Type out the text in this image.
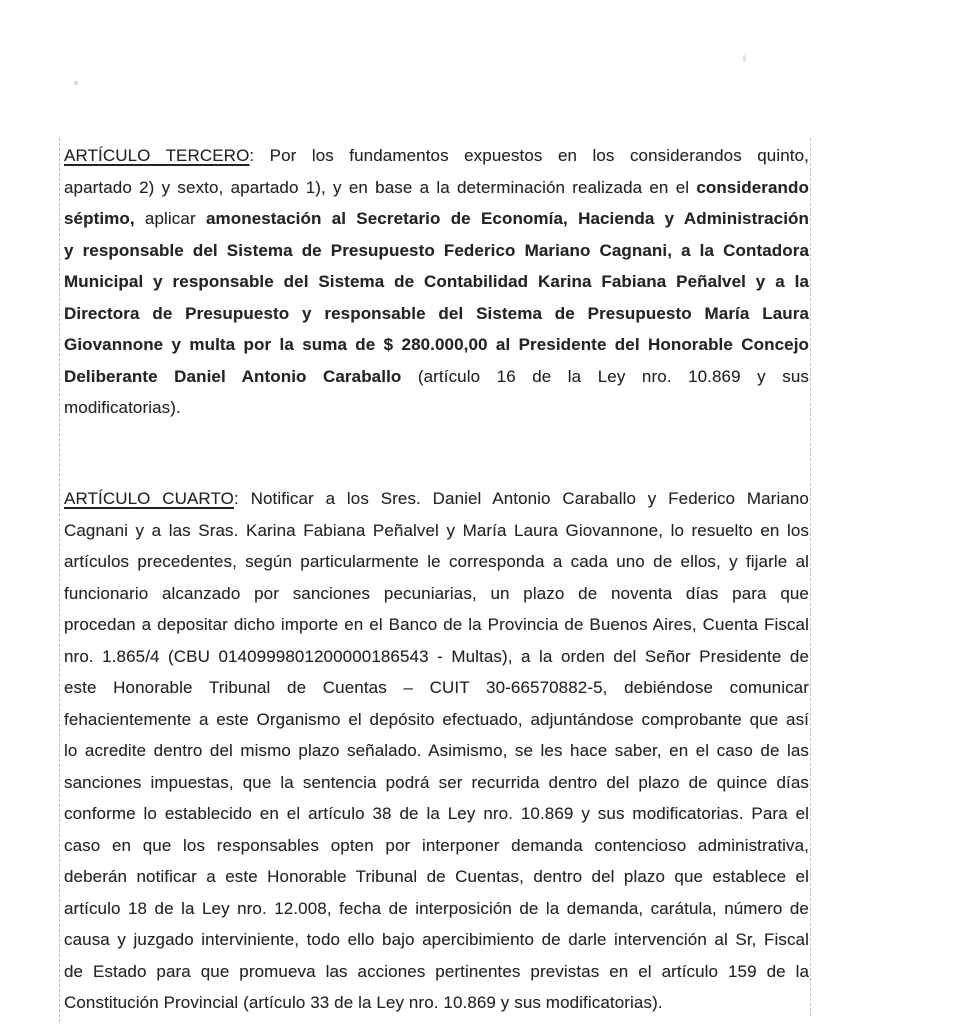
ARTÍCULO TERCERO: Por los fundamentos expuestos en los considerandos quinto,
apartado 2) y sexto, apartado 1), y en base a la determinación realizada en el considerando
séptimo, aplicar amonestación al Secretario de Economía, Hacienda y Administración
y responsable del Sistema de Presupuesto Federico Mariano Cagnani, a la Contadora
Municipal y responsable del Sistema de Contabilidad Karina Fabiana Peñalvel y a la
Directora de Presupuesto y responsable del Sistema de Presupuesto María Laura
Giovannone y multa por la suma de $ 280.000,00 al Presidente del Honorable Concejo
Deliberante Daniel Antonio Caraballo (artículo 16 de la Ley nro. 10.869 y sus
modificatorias).
ARTÍCULO CUARTO: Notificar a los Sres. Daniel Antonio Caraballo y Federico Mariano
Cagnani y a las Sras. Karina Fabiana Peñalvel y María Laura Giovannone, lo resuelto en los
artículos precedentes, según particularmente le corresponda a cada uno de ellos, y fijarle al
funcionario alcanzado por sanciones pecuniarias, un plazo de noventa días para que
procedan a depositar dicho importe en el Banco de la Provincia de Buenos Aires, Cuenta Fiscal
nro. 1.865/4 (CBU 0140999801200000186543 - Multas), a la orden del Señor Presidente de
este Honorable Tribunal de Cuentas – CUIT 30-66570882-5, debiéndose comunicar
fehacientemente a este Organismo el depósito efectuado, adjuntándose comprobante que así
lo acredite dentro del mismo plazo señalado. Asimismo, se les hace saber, en el caso de las
sanciones impuestas, que la sentencia podrá ser recurrida dentro del plazo de quince días
conforme lo establecido en el artículo 38 de la Ley nro. 10.869 y sus modificatorias. Para el
caso en que los responsables opten por interponer demanda contencioso administrativa,
deberán notificar a este Honorable Tribunal de Cuentas, dentro del plazo que establece el
artículo 18 de la Ley nro. 12.008, fecha de interposición de la demanda, carátula, número de
causa y juzgado interviniente, todo ello bajo apercibimiento de darle intervención al Sr, Fiscal
de Estado para que promueva las acciones pertinentes previstas en el artículo 159 de la
Constitución Provincial (artículo 33 de la Ley nro. 10.869 y sus modificatorias).
